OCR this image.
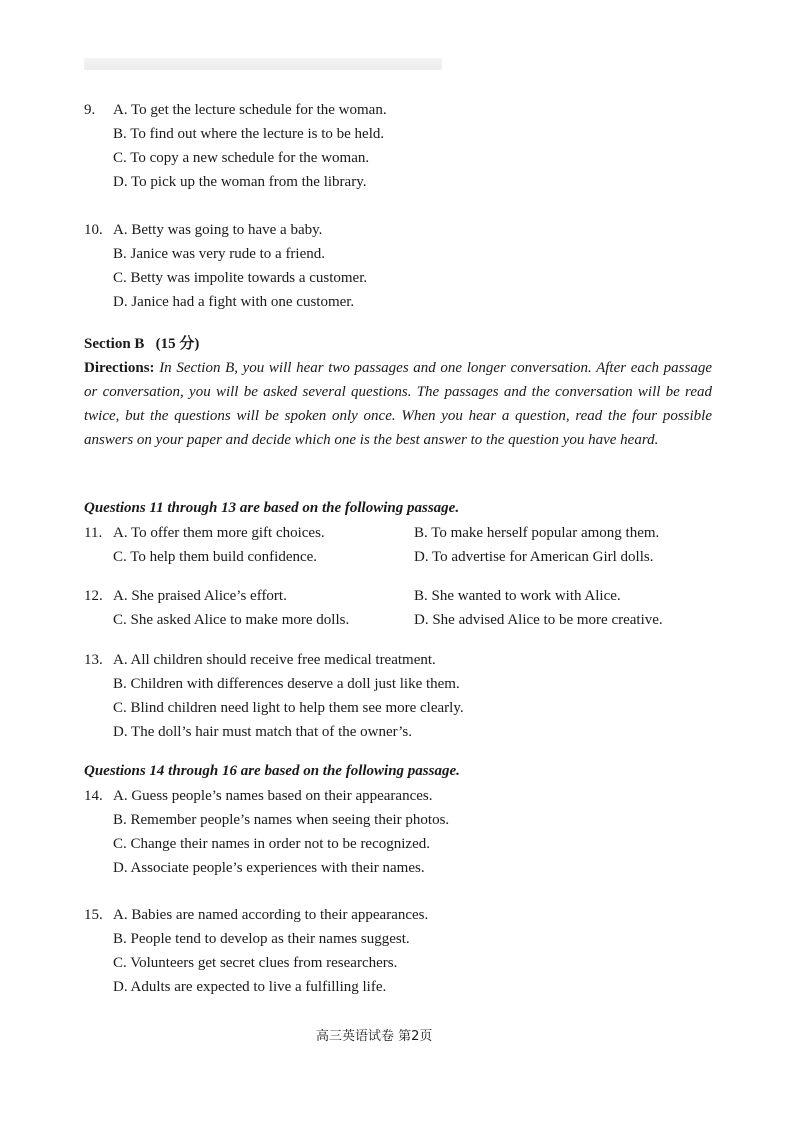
9. A. To get the lecture schedule for the woman.
B. To find out where the lecture is to be held.
C. To copy a new schedule for the woman.
D. To pick up the woman from the library.
10. A. Betty was going to have a baby.
B. Janice was very rude to a friend.
C. Betty was impolite towards a customer.
D. Janice had a fight with one customer.
Section B (15 分)
Directions: In Section B, you will hear two passages and one longer conversation. After each passage or conversation, you will be asked several questions. The passages and the conversation will be read twice, but the questions will be spoken only once. When you hear a question, read the four possible answers on your paper and decide which one is the best answer to the question you have heard.
Questions 11 through 13 are based on the following passage.
11. A. To offer them more gift choices.	B. To make herself popular among them.
C. To help them build confidence.	D. To advertise for American Girl dolls.
12. A. She praised Alice’s effort.	B. She wanted to work with Alice.
C. She asked Alice to make more dolls.	D. She advised Alice to be more creative.
13. A. All children should receive free medical treatment.
B. Children with differences deserve a doll just like them.
C. Blind children need light to help them see more clearly.
D. The doll’s hair must match that of the owner’s.
Questions 14 through 16 are based on the following passage.
14. A. Guess people’s names based on their appearances.
B. Remember people’s names when seeing their photos.
C. Change their names in order not to be recognized.
D. Associate people’s experiences with their names.
15. A. Babies are named according to their appearances.
B. People tend to develop as their names suggest.
C. Volunteers get secret clues from researchers.
D. Adults are expected to live a fulfilling life.
高三英语试卷 第2页
